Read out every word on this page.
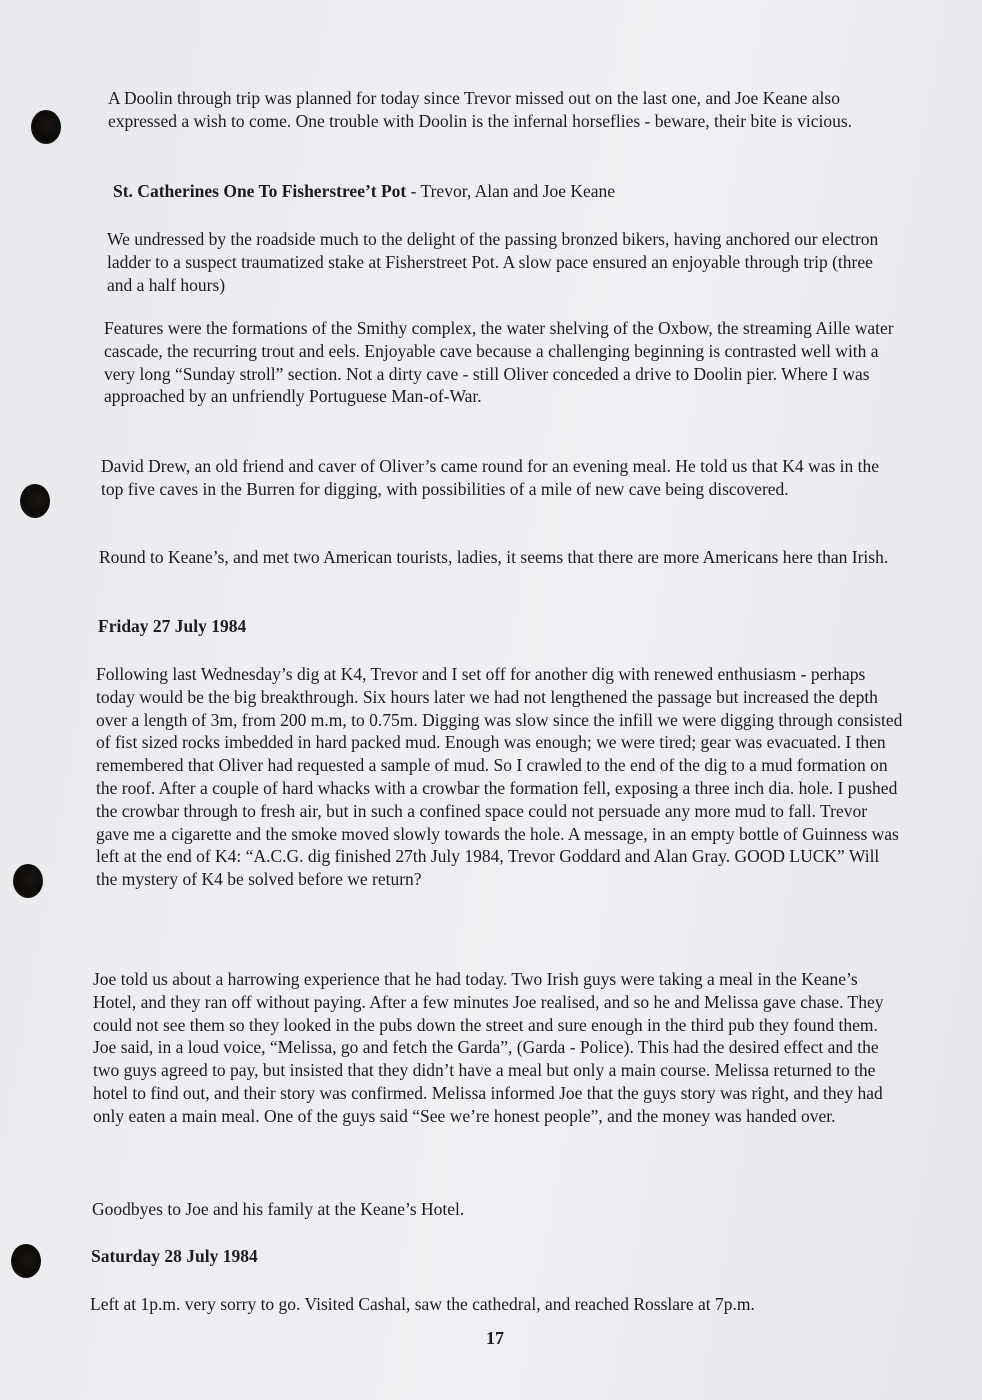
A Doolin through trip was planned for today since Trevor missed out on the last one, and Joe Keane also expressed a wish to come. One trouble with Doolin is the infernal horseflies - beware, their bite is vicious.

St. Catherines One To Fisherstree’t Pot - Trevor, Alan and Joe Keane

We undressed by the roadside much to the delight of the passing bronzed bikers, having anchored our electron ladder to a suspect traumatized stake at Fisherstreet Pot. A slow pace ensured an enjoyable through trip (three and a half hours)

Features were the formations of the Smithy complex, the water shelving of the Oxbow, the streaming Aille water cascade, the recurring trout and eels. Enjoyable cave because a challenging beginning is contrasted well with a very long “Sunday stroll” section. Not a dirty cave - still Oliver conceded a drive to Doolin pier. Where I was approached by an unfriendly Portuguese Man-of-War.

David Drew, an old friend and caver of Oliver’s came round for an evening meal. He told us that K4 was in the top five caves in the Burren for digging, with possibilities of a mile of new cave being discovered.

Round to Keane’s, and met two American tourists, ladies, it seems that there are more Americans here than Irish.

Friday 27 July 1984

Following last Wednesday’s dig at K4, Trevor and I set off for another dig with renewed enthusiasm - perhaps today would be the big breakthrough. Six hours later we had not lengthened the passage but increased the depth over a length of 3m, from 200 m.m, to 0.75m. Digging was slow since the infill we were digging through consisted of fist sized rocks imbedded in hard packed mud. Enough was enough; we were tired; gear was evacuated. I then remembered that Oliver had requested a sample of mud. So I crawled to the end of the dig to a mud formation on the roof. After a couple of hard whacks with a crowbar the formation fell, exposing a three inch dia. hole. I pushed the crowbar through to fresh air, but in such a confined space could not persuade any more mud to fall. Trevor gave me a cigarette and the smoke moved slowly towards the hole. A message, in an empty bottle of Guinness was left at the end of K4: “A.C.G. dig finished 27th July 1984, Trevor Goddard and Alan Gray. GOOD LUCK” Will the mystery of K4 be solved before we return?

Joe told us about a harrowing experience that he had today. Two Irish guys were taking a meal in the Keane’s Hotel, and they ran off without paying. After a few minutes Joe realised, and so he and Melissa gave chase. They could not see them so they looked in the pubs down the street and sure enough in the third pub they found them. Joe said, in a loud voice, “Melissa, go and fetch the Garda”, (Garda - Police). This had the desired effect and the two guys agreed to pay, but insisted that they didn’t have a meal but only a main course. Melissa returned to the hotel to find out, and their story was confirmed. Melissa informed Joe that the guys story was right, and they had only eaten a main meal. One of the guys said “See we’re honest people”, and the money was handed over.

Goodbyes to Joe and his family at the Keane’s Hotel.

Saturday 28 July 1984

Left at 1p.m. very sorry to go. Visited Cashal, saw the cathedral, and reached Rosslare at 7p.m.

17
